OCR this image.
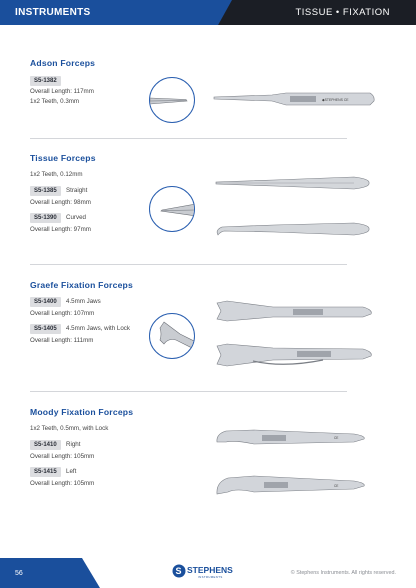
INSTRUMENTS	TISSUE • FIXATION
Adson Forceps
S5-1382
Overall Length: 117mm
1x2 Teeth, 0.3mm	◆STEPHENS CE
Tissue Forceps
1x2 Teeth, 0.12mm
S5-1385	Straight
Overall Length: 98mm
S5-1390	Curved
Overall Length: 97mm
Graefe Fixation Forceps
S5-1400	4.5mm Jaws
Overall Length: 107mm
S5-1405	4.5mm Jaws, with Lock
Overall Length: 111mm
Moody Fixation Forceps
1x2 Teeth, 0.5mm, with Lock
S5-1410	Right
Overall Length: 105mm
S5-1415	Left
Overall Length: 105mm
CE
CE
56	S STEPHENS
INSTRUMENTS
© Stephens Instruments. All rights reserved.
